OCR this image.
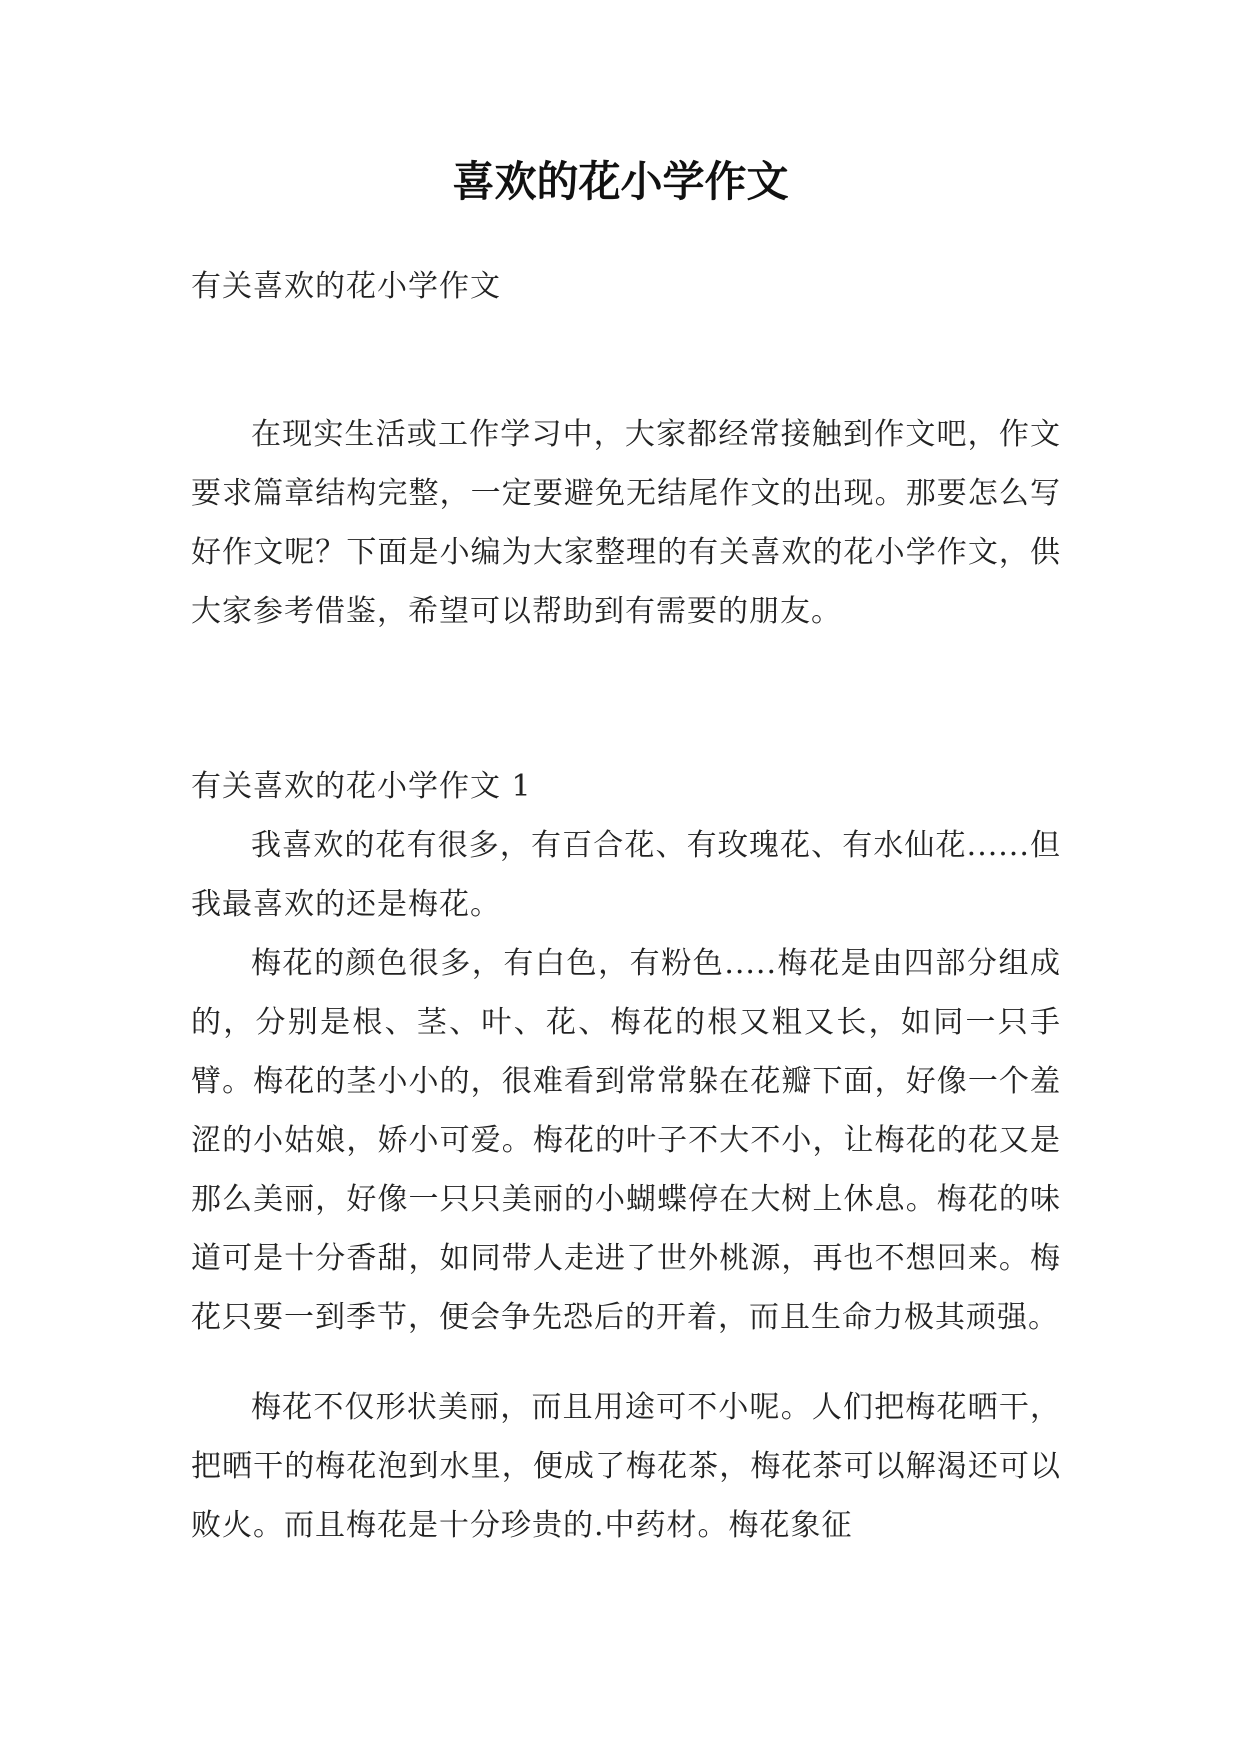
喜欢的花小学作文

有关喜欢的花小学作文

在现实生活或工作学习中，大家都经常接触到作文吧，作文要求篇章结构完整，一定要避免无结尾作文的出现。那要怎么写好作文呢？下面是小编为大家整理的有关喜欢的花小学作文，供大家参考借鉴，希望可以帮助到有需要的朋友。

有关喜欢的花小学作文 1

我喜欢的花有很多，有百合花、有玫瑰花、有水仙花......但我最喜欢的还是梅花。

梅花的颜色很多，有白色，有粉色.....梅花是由四部分组成的，分别是根、茎、叶、花、梅花的根又粗又长，如同一只手臂。梅花的茎小小的，很难看到常常躲在花瓣下面，好像一个羞涩的小姑娘，娇小可爱。梅花的叶子不大不小，让梅花的花又是那么美丽，好像一只只美丽的小蝴蝶停在大树上休息。梅花的味道可是十分香甜，如同带人走进了世外桃源，再也不想回来。梅花只要一到季节，便会争先恐后的开着，而且生命力极其顽强。

梅花不仅形状美丽，而且用途可不小呢。人们把梅花晒干，把晒干的梅花泡到水里，便成了梅花茶，梅花茶可以解渴还可以败火。而且梅花是十分珍贵的.中药材。梅花象征
